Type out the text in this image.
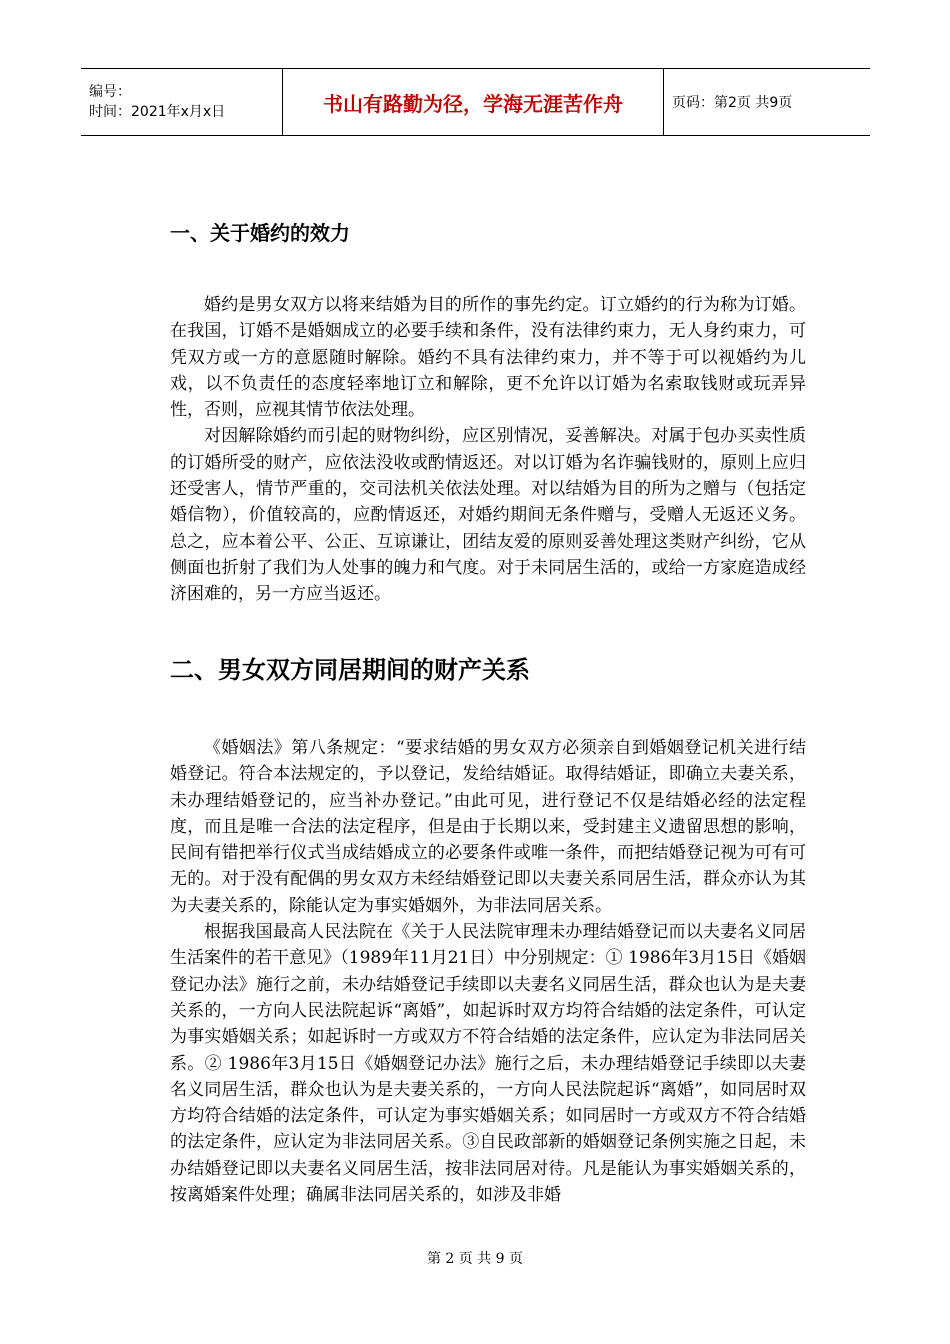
编号：
时间：2021年x月x日	书山有路勤为径，学海无涯苦作舟	页码：第2页 共9页
一、关于婚约的效力

婚约是男女双方以将来结婚为目的所作的事先约定。订立婚约的行为称为订婚。在我国，订婚不是婚姻成立的必要手续和条件，没有法律约束力，无人身约束力，可凭双方或一方的意愿随时解除。婚约不具有法律约束力，并不等于可以视婚约为儿戏，以不负责任的态度轻率地订立和解除，更不允许以订婚为名索取钱财或玩弄异性，否则，应视其情节依法处理。

对因解除婚约而引起的财物纠纷，应区别情况，妥善解决。对属于包办买卖性质的订婚所受的财产，应依法没收或酌情返还。对以订婚为名诈骗钱财的，原则上应归还受害人，情节严重的，交司法机关依法处理。对以结婚为目的所为之赠与（包括定婚信物），价值较高的，应酌情返还，对婚约期间无条件赠与，受赠人无返还义务。总之，应本着公平、公正、互谅谦让，团结友爱的原则妥善处理这类财产纠纷，它从侧面也折射了我们为人处事的魄力和气度。对于未同居生活的，或给一方家庭造成经济困难的，另一方应当返还。

二、男女双方同居期间的财产关系

《婚姻法》第八条规定：“要求结婚的男女双方必须亲自到婚姻登记机关进行结婚登记。符合本法规定的，予以登记，发给结婚证。取得结婚证，即确立夫妻关系，未办理结婚登记的，应当补办登记。”由此可见，进行登记不仅是结婚必经的法定程度，而且是唯一合法的法定程序，但是由于长期以来，受封建主义遗留思想的影响，民间有错把举行仪式当成结婚成立的必要条件或唯一条件，而把结婚登记视为可有可无的。对于没有配偶的男女双方未经结婚登记即以夫妻关系同居生活，群众亦认为其为夫妻关系的，除能认定为事实婚姻外，为非法同居关系。

根据我国最高人民法院在《关于人民法院审理未办理结婚登记而以夫妻名义同居生活案件的若干意见》（1989年11月21日）中分别规定：① 1986年3月15日《婚姻登记办法》施行之前，未办结婚登记手续即以夫妻名义同居生活，群众也认为是夫妻关系的，一方向人民法院起诉“离婚”，如起诉时双方均符合结婚的法定条件，可认定为事实婚姻关系；如起诉时一方或双方不符合结婚的法定条件，应认定为非法同居关系。② 1986年3月15日《婚姻登记办法》施行之后，未办理结婚登记手续即以夫妻名义同居生活，群众也认为是夫妻关系的，一方向人民法院起诉“离婚”，如同居时双方均符合结婚的法定条件，可认定为事实婚姻关系；如同居时一方或双方不符合结婚的法定条件，应认定为非法同居关系。③自民政部新的婚姻登记条例实施之日起，未办结婚登记即以夫妻名义同居生活，按非法同居对待。凡是能认为事实婚姻关系的，按离婚案件处理；确属非法同居关系的，如涉及非婚

第 2 页 共 9 页
